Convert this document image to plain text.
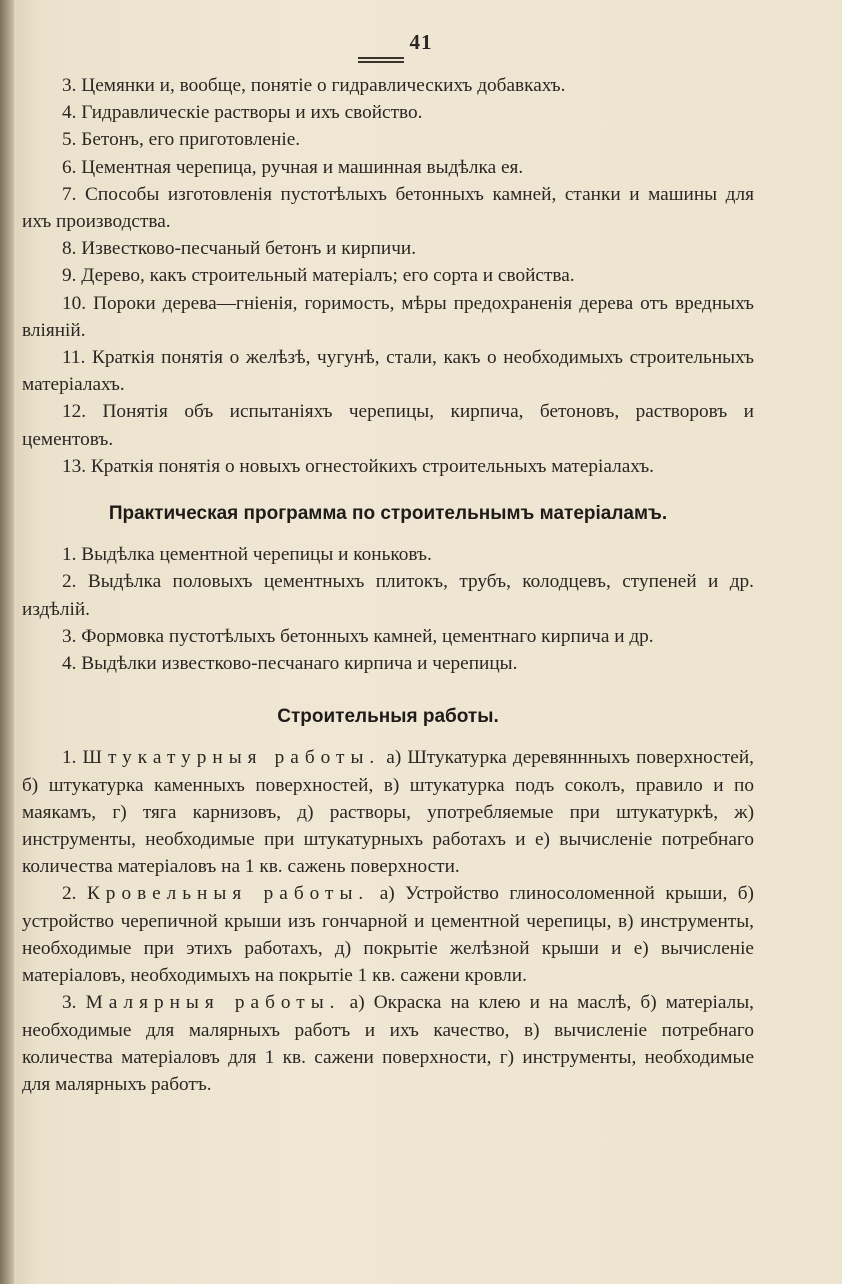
41

3. Цемянки и, вообще, понятіе о гидравлическихъ добавкахъ.

4. Гидравлическіе растворы и ихъ свойство.

5. Бетонъ, его приготовленіе.

6. Цементная черепица, ручная и машинная выдѣлка ея.

7. Способы изготовленія пустотѣлыхъ бетонныхъ камней, станки и машины для ихъ производства.

8. Известково-песчаный бетонъ и кирпичи.

9. Дерево, какъ строительный матеріалъ; его сорта и свойства.

10. Пороки дерева—гніенія, горимость, мѣры предохраненія дерева отъ вредныхъ вліяній.

11. Краткія понятія о желѣзѣ, чугунѣ, стали, какъ о необходимыхъ строительныхъ матеріалахъ.

12. Понятія объ испытаніяхъ черепицы, кирпича, бетоновъ, растворовъ и цементовъ.

13. Краткія понятія о новыхъ огнестойкихъ строительныхъ матеріалахъ.

Практическая программа по строительнымъ матеріаламъ.

1. Выдѣлка цементной черепицы и коньковъ.

2. Выдѣлка половыхъ цементныхъ плитокъ, трубъ, колодцевъ, ступеней и др. издѣлій.

3. Формовка пустотѣлыхъ бетонныхъ камней, цементнаго кирпича и др.

4. Выдѣлки известково-песчанаго кирпича и черепицы.

Строительныя работы.

1. Штукатурныя работы. а) Штукатурка деревяннныхъ поверхностей, б) штукатурка каменныхъ поверхностей, в) штукатурка подъ соколъ, правило и по маякамъ, г) тяга карнизовъ, д) растворы, употребляемые при штукатуркѣ, ж) инструменты, необходимые при штукатурныхъ работахъ и е) вычисленіе потребнаго количества матеріаловъ на 1 кв. сажень поверхности.

2. Кровельныя работы. а) Устройство глиносоломенной крыши, б) устройство черепичной крыши изъ гончарной и цементной черепицы, в) инструменты, необходимые при этихъ работахъ, д) покрытіе желѣзной крыши и е) вычисленіе матеріаловъ, необходимыхъ на покрытіе 1 кв. сажени кровли.

3. Малярныя работы. а) Окраска на клею и на маслѣ, б) матеріалы, необходимые для малярныхъ работъ и ихъ качество, в) вычисленіе потребнаго количества матеріаловъ для 1 кв. сажени поверхности, г) инструменты, необходимые для малярныхъ работъ.
